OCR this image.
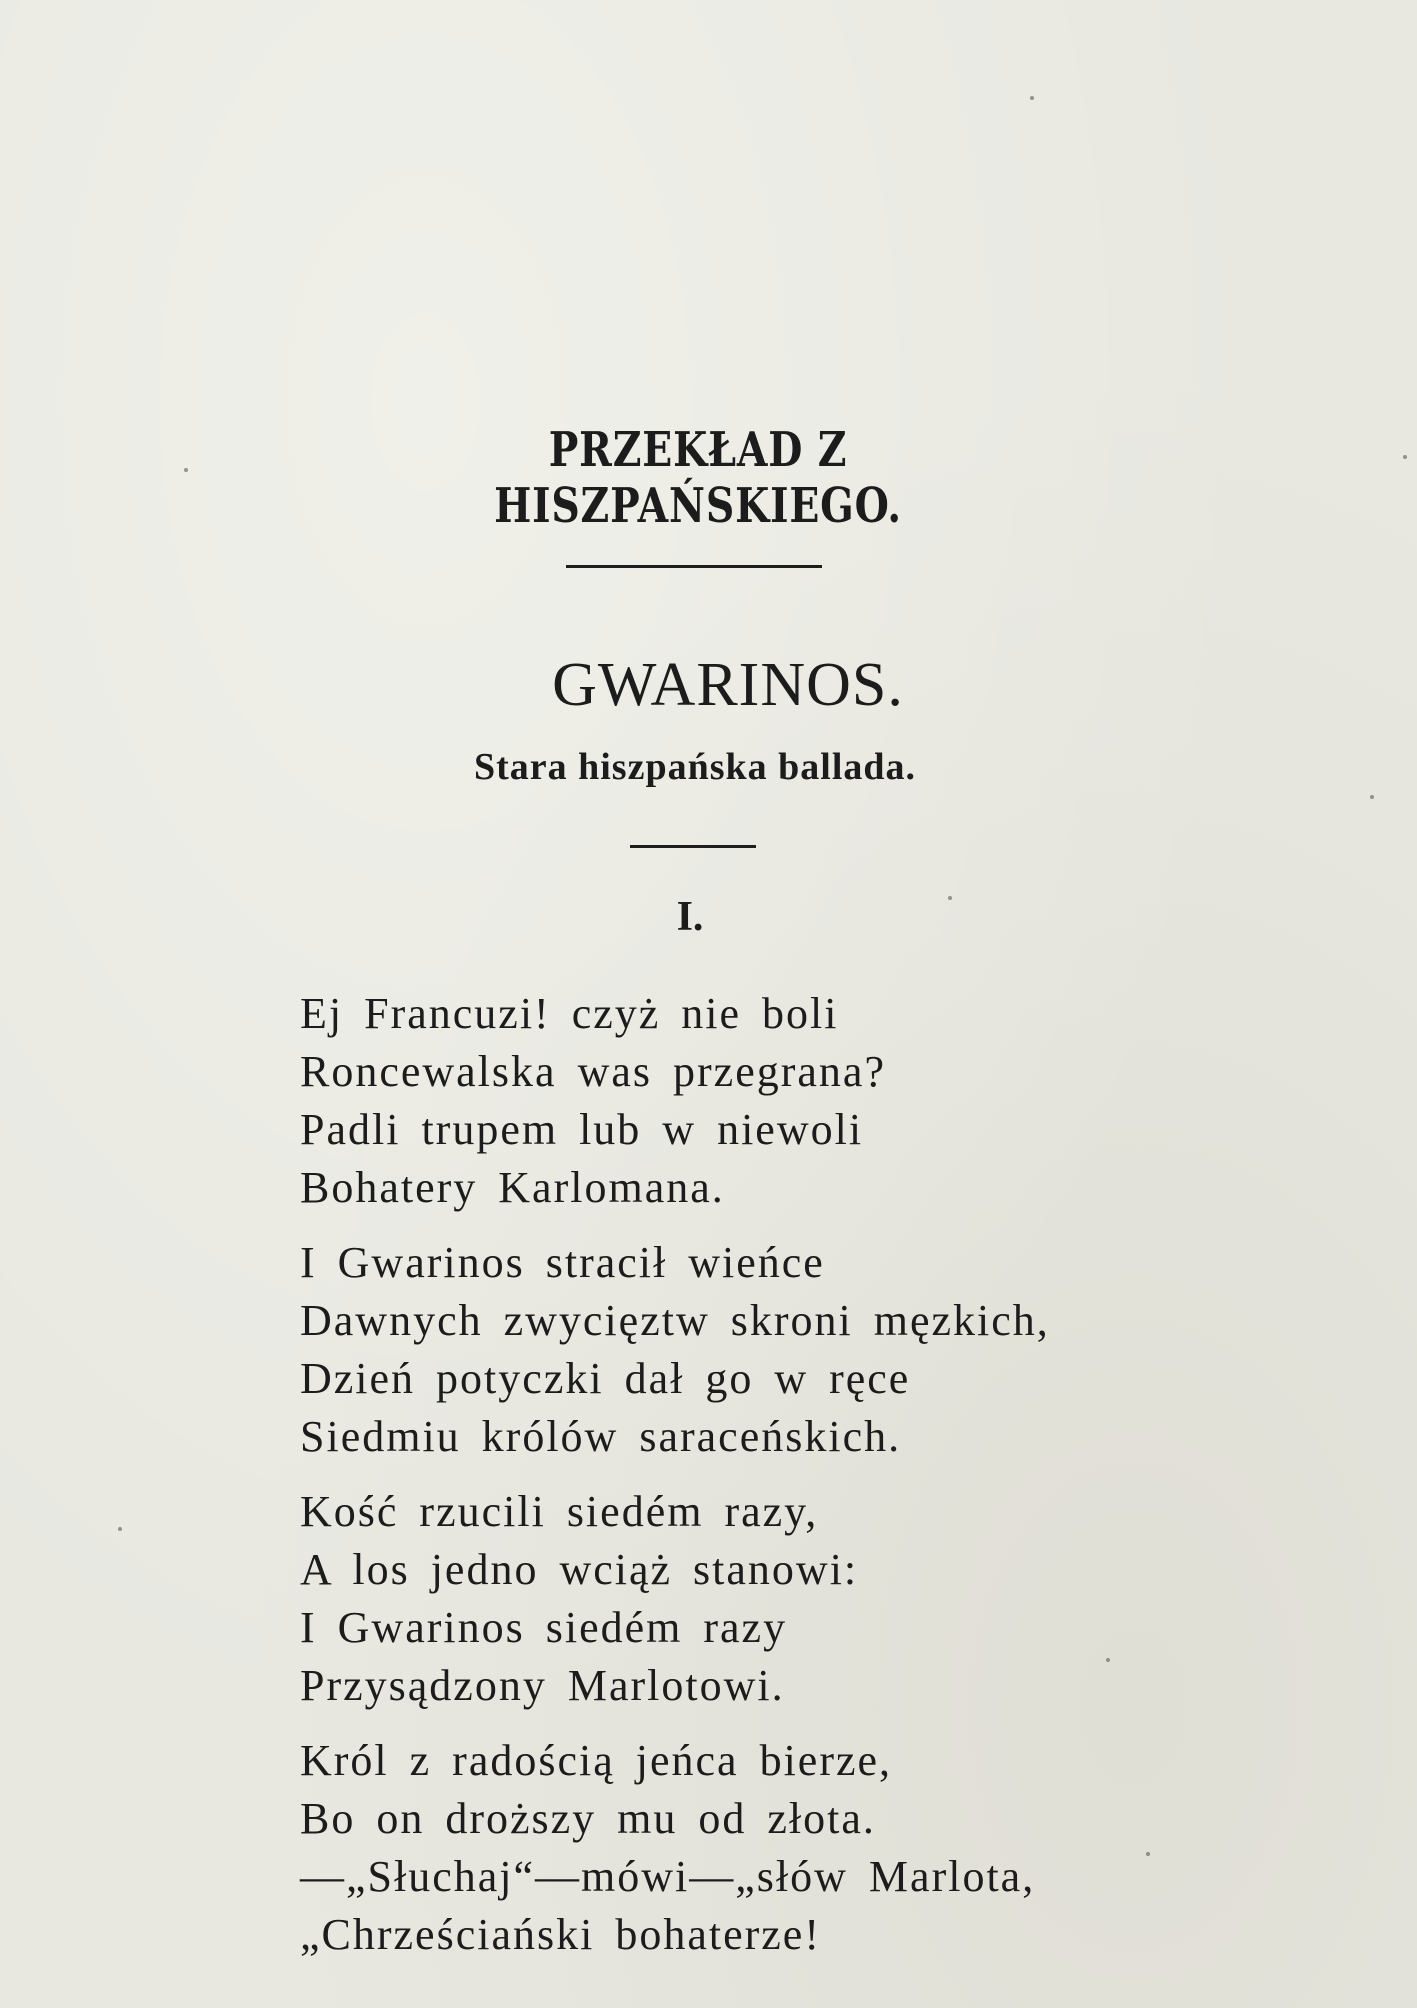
PRZEKŁAD Z HISZPAŃSKIEGO.
GWARINOS.
Stara hiszpańska ballada.
I.
Ej Francuzi! czyż nie boli
Roncewalska was przegrana?
Padli trupem lub w niewoli
Bohatery Karlomana.
I Gwarinos stracił wieńce
Dawnych zwycięztw skroni męzkich,
Dzień potyczki dał go w ręce
Siedmiu królów saraceńskich.
Kość rzucili siedém razy,
A los jedno wciąż stanowi:
I Gwarinos siedém razy
Przysądzony Marlotowi.
Król z radością jeńca bierze,
Bo on droższy mu od złota.
—„Słuchaj“—mówi—„słów Marlota,
„Chrześciański bohaterze!
